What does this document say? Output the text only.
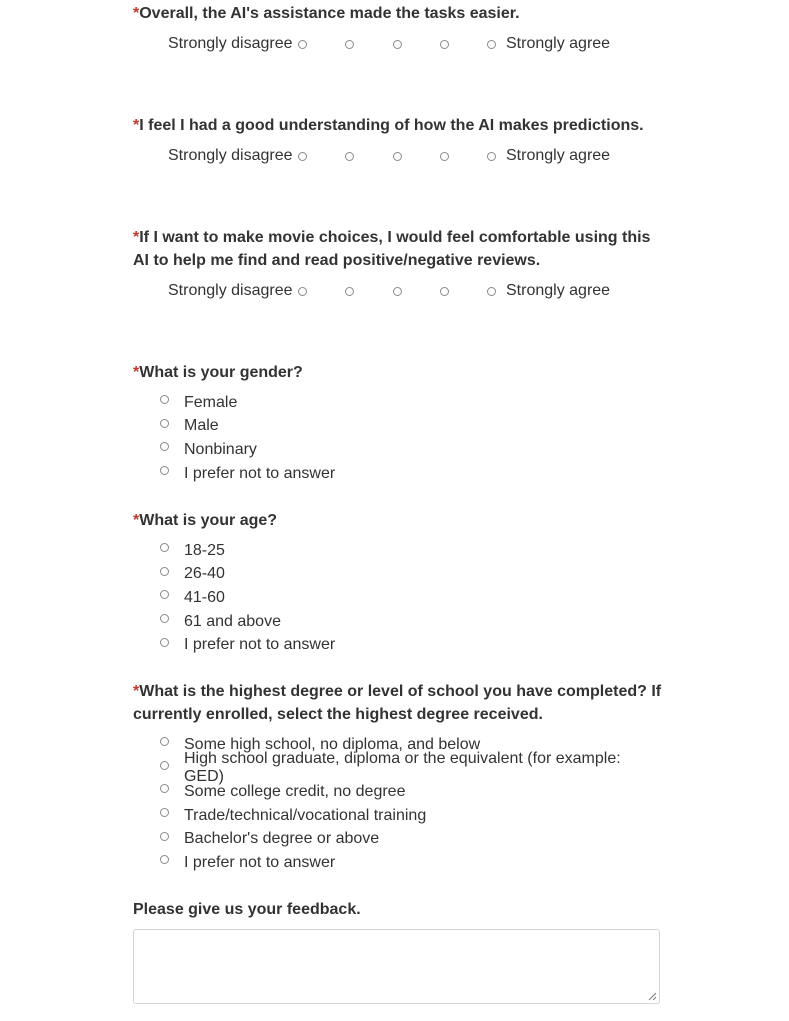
*Overall, the AI's assistance made the tasks easier.

Strongly disagree	Strongly agree

*I feel I had a good understanding of how the AI makes predictions.

Strongly disagree	Strongly agree

*If I want to make movie choices, I would feel comfortable using this AI to help me find and read positive/negative reviews.

Strongly disagree	Strongly agree

*What is your gender?

Female
Male
Nonbinary
I prefer not to answer

*What is your age?

18-25
26-40
41-60
61 and above
I prefer not to answer

*What is the highest degree or level of school you have completed? If currently enrolled, select the highest degree received.

Some high school, no diploma, and below
High school graduate, diploma or the equivalent (for example: GED)
Some college credit, no degree
Trade/technical/vocational training
Bachelor's degree or above
I prefer not to answer

Please give us your feedback.
